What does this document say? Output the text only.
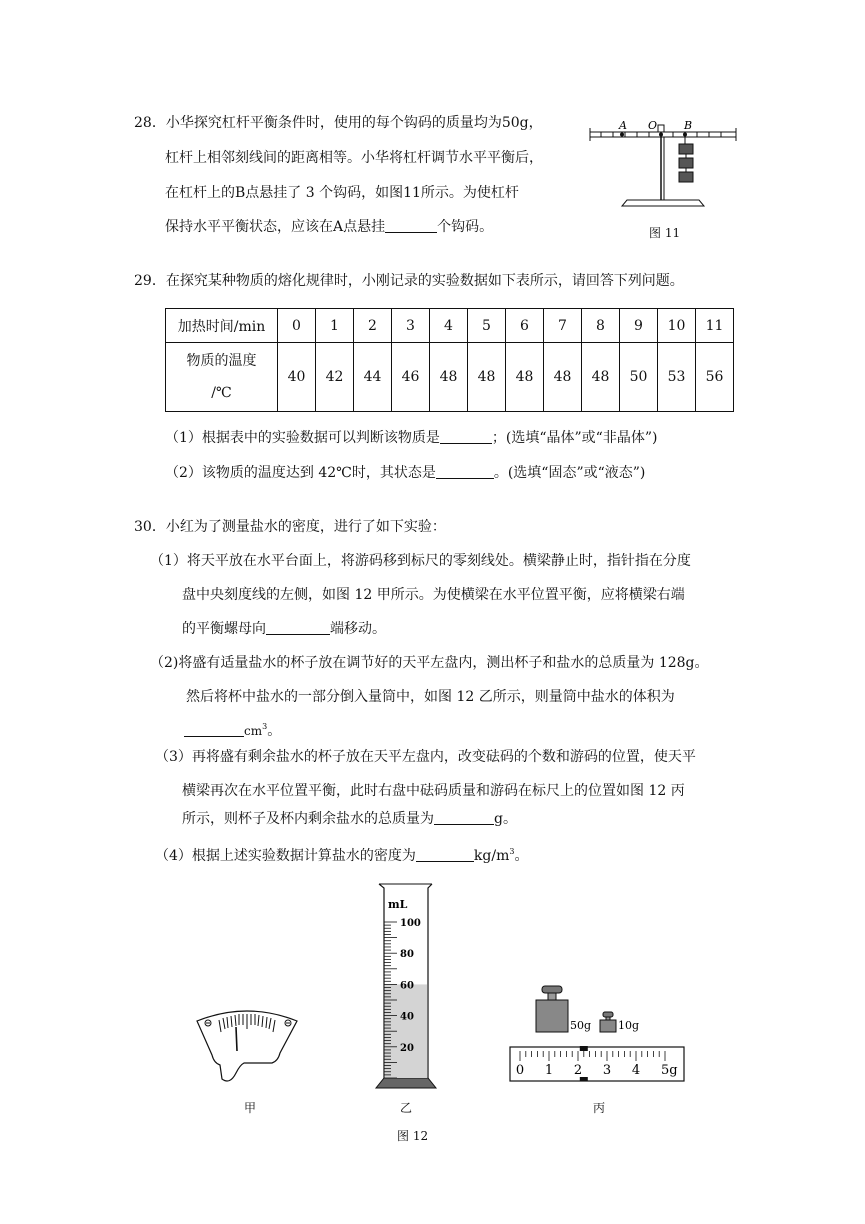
28．小华探究杠杆平衡条件时，使用的每个钩码的质量均为50g，
杠杆上相邻刻线间的距离相等。小华将杠杆调节水平平衡后，
在杠杆上的B点悬挂了 3 个钩码，如图11所示。为使杠杆
保持水平平衡状态，应该在A点悬挂	个钩码。
A O B
图 11
29．在探究某种物质的熔化规律时，小刚记录的实验数据如下表所示，请回答下列问题。
加热时间/min	0	1	2	3	4	5	6	7	8	9	10	11

物质的温度
/℃	40	42	44	46	48	48	48	48	48	50	53	56
（1）根据表中的实验数据可以判断该物质是	；(选填“晶体”或“非晶体”)
（2）该物质的温度达到 42℃时，其状态是	。(选填“固态”或“液态”)
30．小红为了测量盐水的密度，进行了如下实验：
（1）将天平放在水平台面上，将游码移到标尺的零刻线处。横梁静止时，指针指在分度
盘中央刻度线的左侧，如图 12 甲所示。为使横梁在水平位置平衡，应将横梁右端
的平衡螺母向	端移动。
（2)将盛有适量盐水的杯子放在调节好的天平左盘内，测出杯子和盐水的总质量为 128g。
然后将杯中盐水的一部分倒入量筒中，如图 12 乙所示，则量筒中盐水的体积为
$cm^3$。
（3）再将盛有剩余盐水的杯子放在天平左盘内，改变砝码的个数和游码的位置，使天平
横梁再次在水平位置平衡，此时右盘中砝码质量和游码在标尺上的位置如图 12 丙
所示，则杯子及杯内剩余盐水的总质量为	g。
（4）根据上述实验数据计算盐水的密度为	$kg/m^3$。
甲
mL
100
80
60
40
20
乙
50g 10g
0 1 2 3 4 5g
丙
图 12
